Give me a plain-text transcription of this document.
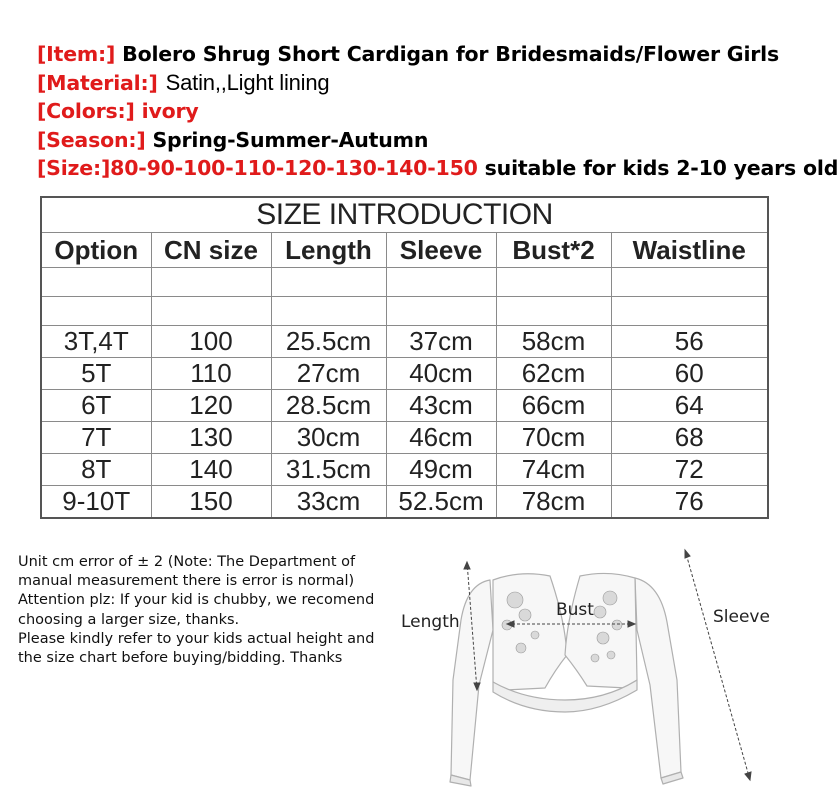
[Item:] Bolero Shrug Short Cardigan for Bridesmaids/Flower Girls
[Material:] Satin,,Light lining
[Colors:] ivory
[Season:] Spring-Summer-Autumn
[Size:]80-90-100-110-120-130-140-150 suitable for kids 2-10 years old
SIZE INTRODUCTION					
Option	CN size	Length	Sleeve	Bust*2	Waistline

3T,4T	100	25.5cm	37cm	58cm	56
5T	110	27cm	40cm	62cm	60
6T	120	28.5cm	43cm	66cm	64
7T	130	30cm	46cm	70cm	68
8T	140	31.5cm	49cm	74cm	72
9-10T	150	33cm	52.5cm	78cm	76
Unit cm error of ± 2 (Note: The Department of
manual measurement there is error is normal)
Attention plz: If your kid is chubby, we recomend
choosing a larger size, thanks.
Please kindly refer to your kids actual height and
the size chart before buying/bidding. Thanks
Length
Bust	Sleeve
